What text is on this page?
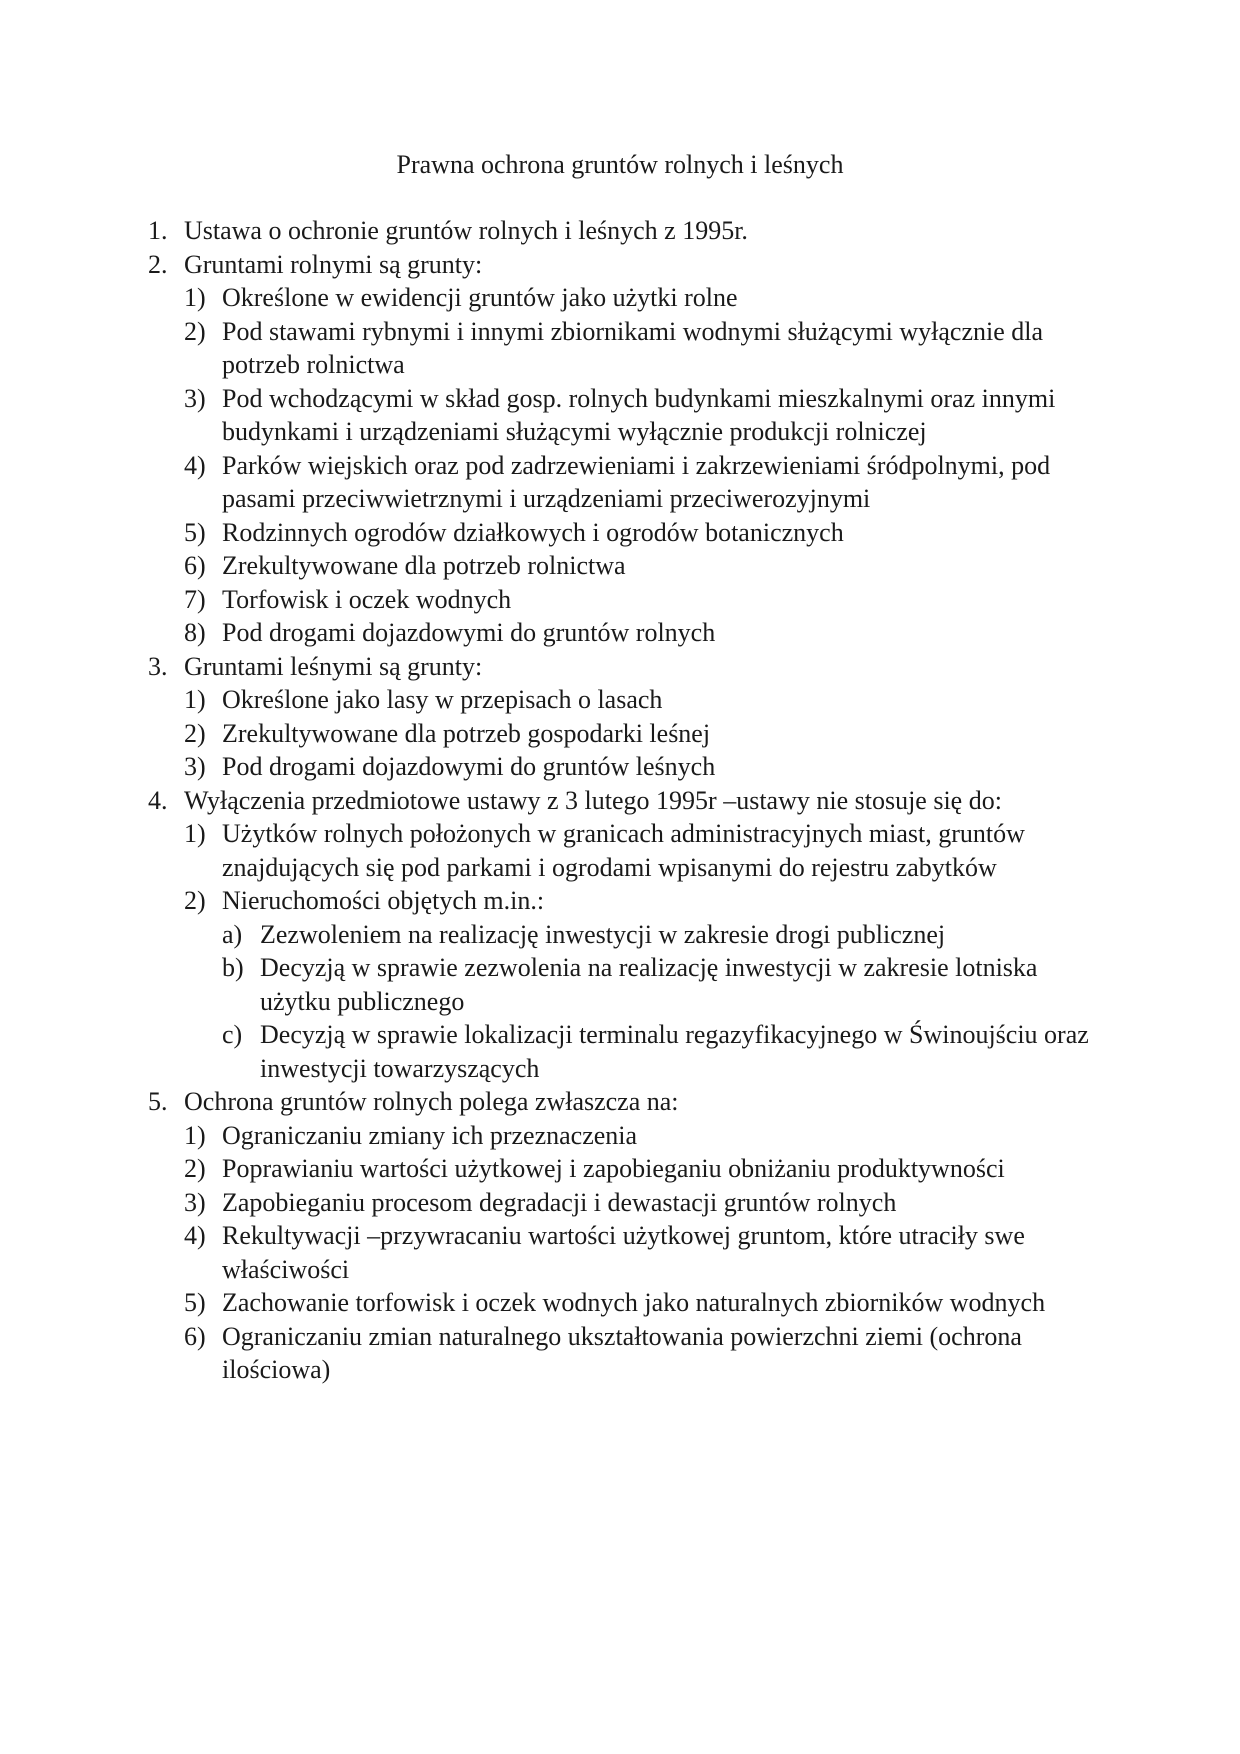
Prawna ochrona gruntów rolnych i leśnych
1. Ustawa o ochronie gruntów rolnych i leśnych z 1995r.
2. Gruntami rolnymi są grunty:
1) Określone w ewidencji gruntów jako użytki rolne
2) Pod stawami rybnymi i innymi zbiornikami wodnymi służącymi wyłącznie dla potrzeb rolnictwa
3) Pod wchodzącymi w skład gosp. rolnych budynkami mieszkalnymi oraz innymi budynkami i urządzeniami służącymi wyłącznie produkcji rolniczej
4) Parków wiejskich oraz pod zadrzewieniami i zakrzewieniami śródpolnymi, pod pasami przeciwwietrznymi i urządzeniami przeciwerozyjnymi
5) Rodzinnych ogrodów działkowych i ogrodów botanicznych
6) Zrekultywowane dla potrzeb rolnictwa
7) Torfowisk i oczek wodnych
8) Pod drogami dojazdowymi do gruntów rolnych
3. Gruntami leśnymi są grunty:
1) Określone jako lasy w przepisach o lasach
2) Zrekultywowane dla potrzeb gospodarki leśnej
3) Pod drogami dojazdowymi do gruntów leśnych
4. Wyłączenia przedmiotowe ustawy z 3 lutego 1995r –ustawy nie stosuje się do:
1) Użytków rolnych położonych w granicach administracyjnych miast, gruntów znajdujących się pod parkami i ogrodami wpisanymi do rejestru zabytków
2) Nieruchomości objętych m.in.:
a) Zezwoleniem na realizację inwestycji w zakresie drogi publicznej
b) Decyzją w sprawie zezwolenia na realizację inwestycji w zakresie lotniska użytku publicznego
c) Decyzją w sprawie lokalizacji terminalu regazyfikacyjnego w Świnoujściu oraz inwestycji towarzyszących
5. Ochrona gruntów rolnych polega zwłaszcza na:
1) Ograniczaniu zmiany ich przeznaczenia
2) Poprawianiu wartości użytkowej i zapobieganiu obniżaniu produktywności
3) Zapobieganiu procesom degradacji i dewastacji gruntów rolnych
4) Rekultywacji –przywracaniu wartości użytkowej gruntom, które utraciły swe właściwości
5) Zachowanie torfowisk i oczek wodnych jako naturalnych zbiorników wodnych
6) Ograniczaniu zmian naturalnego ukształtowania powierzchni ziemi (ochrona ilościowa)
